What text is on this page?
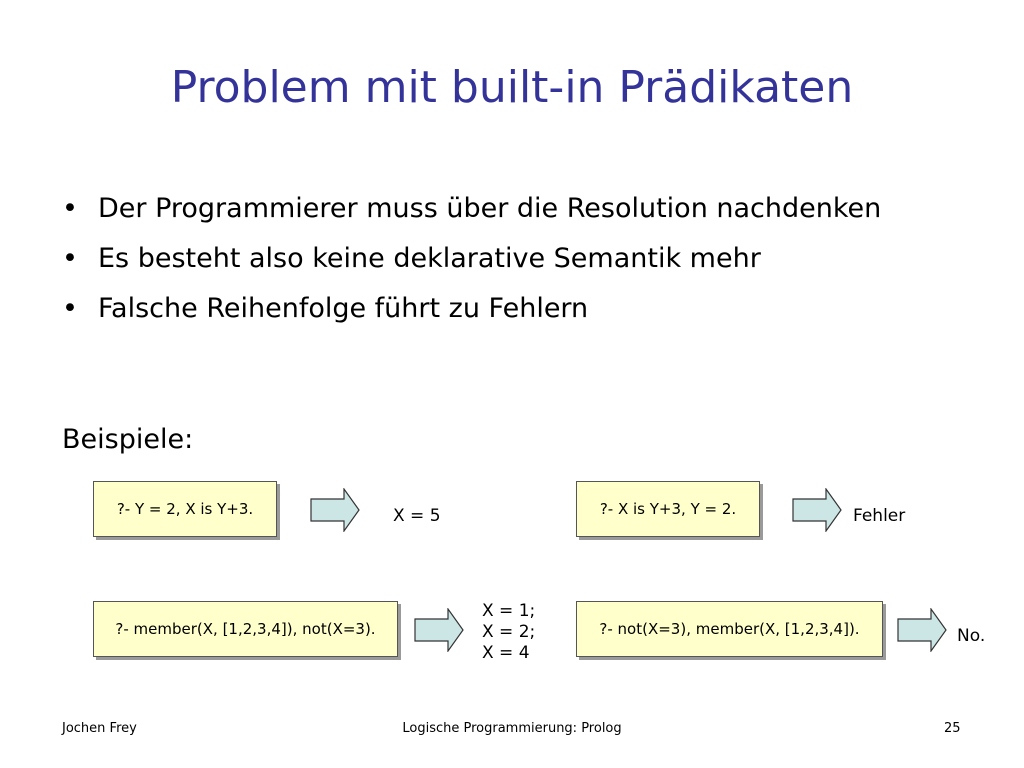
Problem mit built-in Prädikaten
• Der Programmierer muss über die Resolution nachdenken
• Es besteht also keine deklarative Semantik mehr
• Falsche Reihenfolge führt zu Fehlern
Beispiele:
?- Y = 2, X is Y+3.	X = 5	?- X is Y+3, Y = 2.	Fehler
?- member(X, [1,2,3,4]), not(X=3).
X = 1;
X = 2;
X = 4
?- not(X=3), member(X, [1,2,3,4]).	No.
Jochen Frey	Logische Programmierung: Prolog	25
